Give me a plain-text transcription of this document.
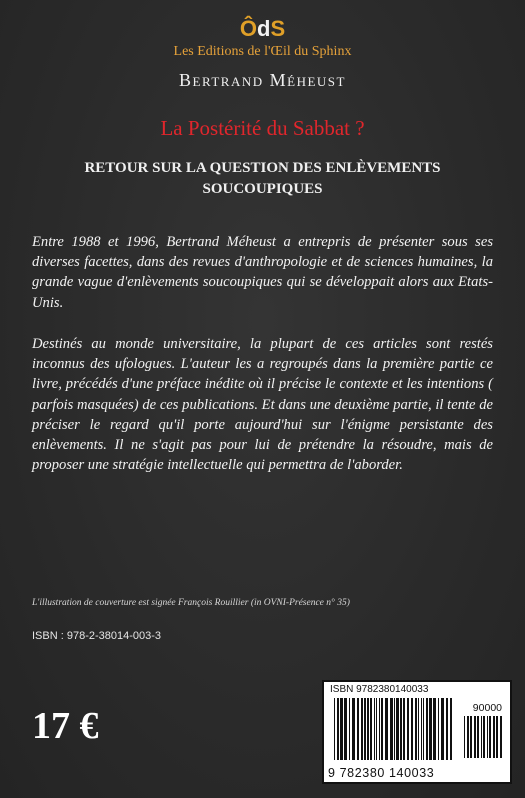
ÔdS
Les Editions de l'Œil du Sphinx
Bertrand Méheust
La Postérité du Sabbat ?
RETOUR SUR LA QUESTION DES ENLÈVEMENTS SOUCOUPIQUES
Entre 1988 et 1996, Bertrand Méheust a entrepris de présenter sous ses diverses facettes, dans des revues d'anthropologie et de sciences humaines, la grande vague d'enlèvements soucoupiques qui se développait alors aux Etats-Unis.
Destinés au monde universitaire, la plupart de ces articles sont restés inconnus des ufologues. L'auteur les a regroupés dans la première partie ce livre, précédés d'une préface inédite où il précise le contexte et les intentions ( parfois masquées) de ces publications. Et dans une deuxième partie, il tente de préciser le regard qu'il porte aujourd'hui sur l'énigme persistante des enlèvements. Il ne s'agit pas pour lui de prétendre la résoudre, mais de proposer une stratégie intellectuelle qui permettra de l'aborder.
L'illustration de couverture est signée François Rouillier (in OVNI-Présence n° 35)
ISBN : 978-2-38014-003-3
17 €
ISBN 9782380140033
90000
9 782380 140033
